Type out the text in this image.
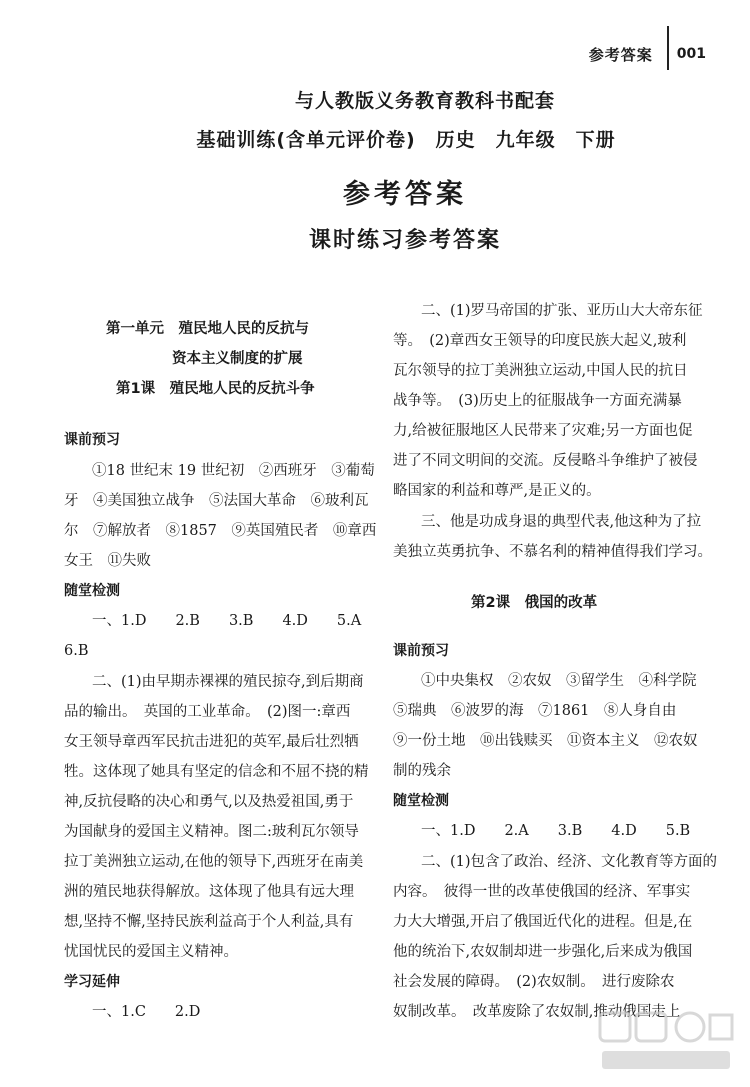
参考答案 001
与人教版义务教育教科书配套
基础训练(含单元评价卷)　历史　九年级　下册
参考答案
课时练习参考答案
第一单元　殖民地人民的反抗与
资本主义制度的扩展
第1课　殖民地人民的反抗斗争
课前预习
①18 世纪末 19 世纪初　②西班牙　③葡萄
牙　④美国独立战争　⑤法国大革命　⑥玻利瓦
尔　⑦解放者　⑧1857　⑨英国殖民者　⑩章西
女王　⑪失败
随堂检测
一、1.D　　2.B　　3.B　　4.D　　5.A
6.B
二、(1)由早期赤裸裸的殖民掠夺,到后期商
品的输出。　英国的工业革命。　(2)图一:章西
女王领导章西军民抗击进犯的英军,最后壮烈牺
牲。这体现了她具有坚定的信念和不屈不挠的精
神,反抗侵略的决心和勇气,以及热爱祖国,勇于
为国献身的爱国主义精神。图二:玻利瓦尔领导
拉丁美洲独立运动,在他的领导下,西班牙在南美
洲的殖民地获得解放。这体现了他具有远大理
想,坚持不懈,坚持民族利益高于个人利益,具有
忧国忧民的爱国主义精神。
学习延伸
一、1.C　　2.D
二、(1)罗马帝国的扩张、亚历山大大帝东征
等。　(2)章西女王领导的印度民族大起义,玻利
瓦尔领导的拉丁美洲独立运动,中国人民的抗日
战争等。　(3)历史上的征服战争一方面充满暴
力,给被征服地区人民带来了灾难;另一方面也促
进了不同文明间的交流。反侵略斗争维护了被侵
略国家的利益和尊严,是正义的。
三、他是功成身退的典型代表,他这种为了拉
美独立英勇抗争、不慕名利的精神值得我们学习。
第2课　俄国的改革
课前预习
①中央集权　②农奴　③留学生　④科学院
⑤瑞典　⑥波罗的海　⑦1861　⑧人身自由
⑨一份土地　⑩出钱赎买　⑪资本主义　⑫农奴
制的残余
随堂检测
一、1.D　　2.A　　3.B　　4.D　　5.B
二、(1)包含了政治、经济、文化教育等方面的
内容。　彼得一世的改革使俄国的经济、军事实
力大大增强,开启了俄国近代化的进程。但是,在
他的统治下,农奴制却进一步强化,后来成为俄国
社会发展的障碍。　(2)农奴制。　进行废除农
奴制改革。　改革废除了农奴制,推动俄国走上
